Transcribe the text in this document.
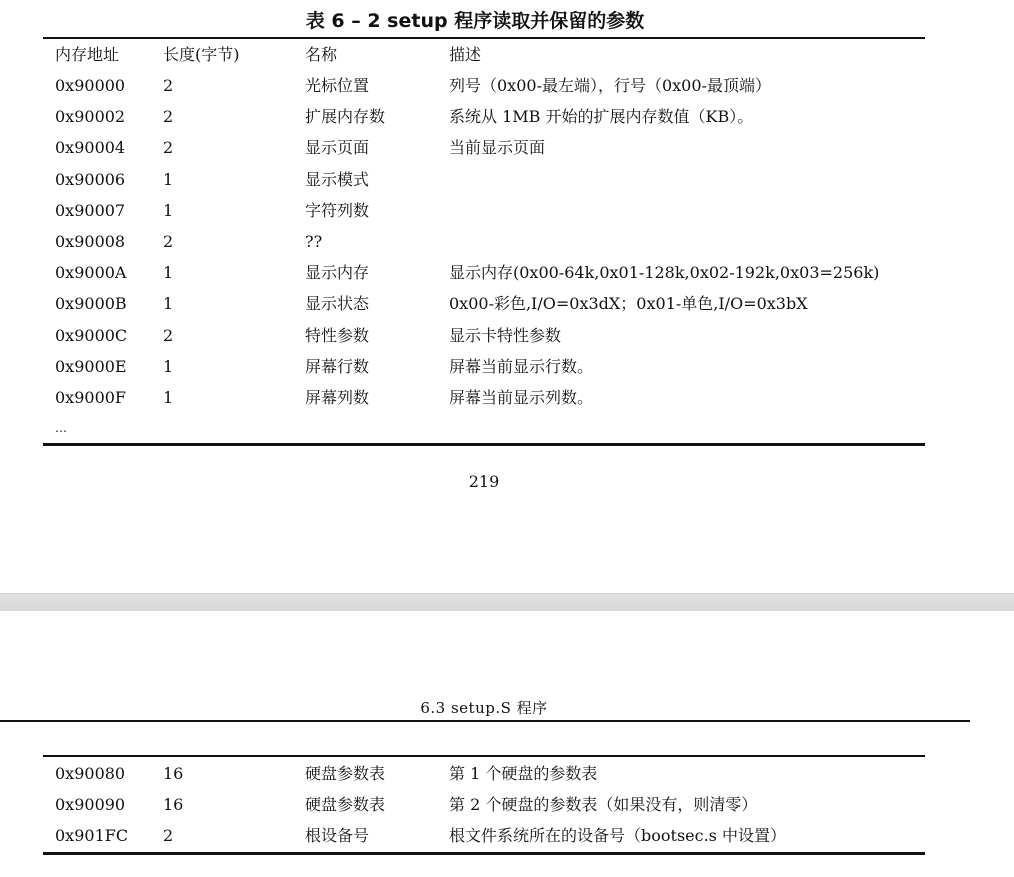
表 6 – 2 setup 程序读取并保留的参数
内存地址	长度(字节)	名称	描述
0x90000	2	光标位置	列号（0x00-最左端），行号（0x00-最顶端）
0x90002	2	扩展内存数	系统从 1MB 开始的扩展内存数值（KB）。
0x90004	2	显示页面	当前显示页面
0x90006	1	显示模式	
0x90007	1	字符列数	
0x90008	2	??	
0x9000A	1	显示内存	显示内存(0x00-64k,0x01-128k,0x02-192k,0x03=256k)
0x9000B	1	显示状态	0x00-彩色,I/O=0x3dX；0x01-单色,I/O=0x3bX
0x9000C	2	特性参数	显示卡特性参数
0x9000E	1	屏幕行数	屏幕当前显示行数。
0x9000F	1	屏幕列数	屏幕当前显示列数。
…			
219
6.3 setup.S 程序
0x90080	16	硬盘参数表	第 1 个硬盘的参数表
0x90090	16	硬盘参数表	第 2 个硬盘的参数表（如果没有，则清零）
0x901FC	2	根设备号	根文件系统所在的设备号（bootsec.s 中设置）
